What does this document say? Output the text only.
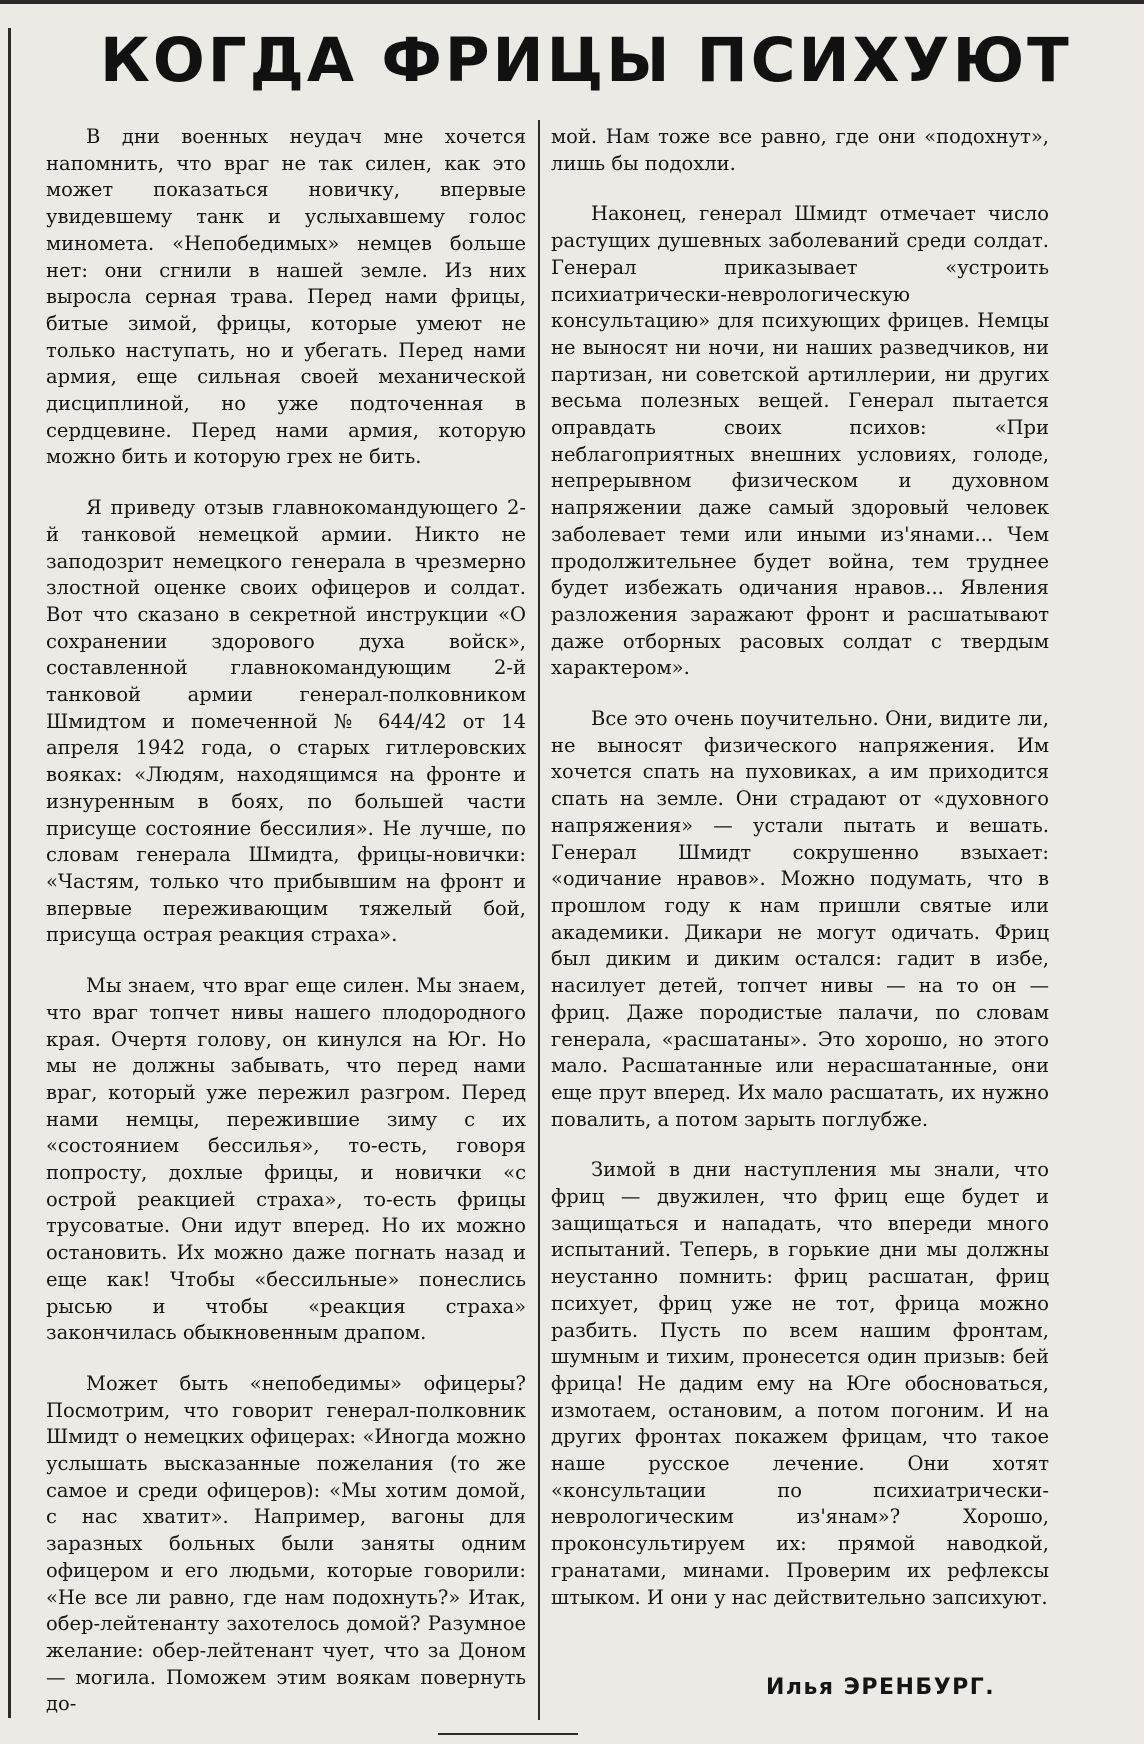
КОГДА ФРИЦЫ ПСИХУЮТ

В дни военных неудач мне хочется напомнить, что враг не так силен, как это может показаться новичку, впервые увидевшему танк и услыхавшему голос миномета. «Непобедимых» немцев больше нет: они сгнили в нашей земле. Из них выросла серная трава. Перед нами фрицы, битые зимой, фрицы, которые умеют не только наступать, но и убегать. Перед нами армия, еще сильная своей механической дисциплиной, но уже подточенная в сердцевине. Перед нами армия, которую можно бить и которую грех не бить.

Я приведу отзыв главнокомандующего 2-й танковой немецкой армии. Никто не заподозрит немецкого генерала в чрезмерно злостной оценке своих офицеров и солдат. Вот что сказано в секретной инструкции «О сохранении здорового духа войск», составленной главнокомандующим 2-й танковой армии генерал-полковником Шмидтом и помеченной № 644/42 от 14 апреля 1942 года, о старых гитлеровских вояках: «Людям, находящимся на фронте и изнуренным в боях, по большей части присуще состояние бессилия». Не лучше, по словам генерала Шмидта, фрицы-новички: «Частям, только что прибывшим на фронт и впервые переживающим тяжелый бой, присуща острая реакция страха».

Мы знаем, что враг еще силен. Мы знаем, что враг топчет нивы нашего плодородного края. Очертя голову, он кинулся на Юг. Но мы не должны забывать, что перед нами враг, который уже пережил разгром. Перед нами немцы, пережившие зиму с их «состоянием бессилья», то-есть, говоря попросту, дохлые фрицы, и новички «с острой реакцией страха», то-есть фрицы трусоватые. Они идут вперед. Но их можно остановить. Их можно даже погнать назад и еще как! Чтобы «бессильные» понеслись рысью и чтобы «реакция страха» закончилась обыкновенным драпом.

Может быть «непобедимы» офицеры? Посмотрим, что говорит генерал-полковник Шмидт о немецких офицерах: «Иногда можно услышать высказанные пожелания (то же самое и среди офицеров): «Мы хотим домой, с нас хватит». Например, вагоны для заразных больных были заняты одним офицером и его людьми, которые говорили: «Не все ли равно, где нам подохнуть?» Итак, обер-лейтенанту захотелось домой? Разумное желание: обер-лейтенант чует, что за Доном — могила. Поможем этим воякам повернуть до-

мой. Нам тоже все равно, где они «подохнут», лишь бы подохли.

Наконец, генерал Шмидт отмечает число растущих душевных заболеваний среди солдат. Генерал приказывает «устроить психиатрически-неврологическую консультацию» для психующих фрицев. Немцы не выносят ни ночи, ни наших разведчиков, ни партизан, ни советской артиллерии, ни других весьма полезных вещей. Генерал пытается оправдать своих психов: «При неблагоприятных внешних условиях, голоде, непрерывном физическом и духовном напряжении даже самый здоровый человек заболевает теми или иными из'янами... Чем продолжительнее будет война, тем труднее будет избежать одичания нравов... Явления разложения заражают фронт и расшатывают даже отборных расовых солдат с твердым характером».

Все это очень поучительно. Они, видите ли, не выносят физического напряжения. Им хочется спать на пуховиках, а им приходится спать на земле. Они страдают от «духовного напряжения» — устали пытать и вешать. Генерал Шмидт сокрушенно взыхает: «одичание нравов». Можно подумать, что в прошлом году к нам пришли святые или академики. Дикари не могут одичать. Фриц был диким и диким остался: гадит в избе, насилует детей, топчет нивы — на то он — фриц. Даже породистые палачи, по словам генерала, «расшатаны». Это хорошо, но этого мало. Расшатанные или нерасшатанные, они еще прут вперед. Их мало расшатать, их нужно повалить, а потом зарыть поглубже.

Зимой в дни наступления мы знали, что фриц — двужилен, что фриц еще будет и защищаться и нападать, что впереди много испытаний. Теперь, в горькие дни мы должны неустанно помнить: фриц расшатан, фриц психует, фриц уже не тот, фрица можно разбить. Пусть по всем нашим фронтам, шумным и тихим, пронесется один призыв: бей фрица! Не дадим ему на Юге обосноваться, измотаем, остановим, а потом погоним. И на других фронтах покажем фрицам, что такое наше русское лечение. Они хотят «консультации по психиатрически-неврологическим из'янам»? Хорошо, проконсультируем их: прямой наводкой, гранатами, минами. Проверим их рефлексы штыком. И они у нас действительно запсихуют.

Илья ЭРЕНБУРГ.
